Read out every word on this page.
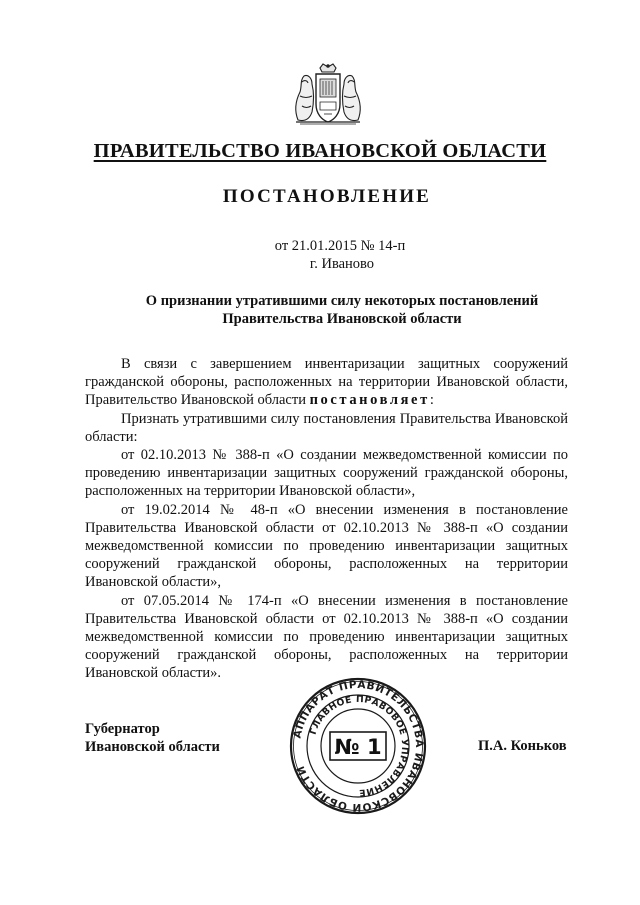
ПРАВИТЕЛЬСТВО ИВАНОВСКОЙ ОБЛАСТИ
ПОСТАНОВЛЕНИЕ
от 21.01.2015 № 14-п
г. Иваново
О признании утратившими силу некоторых постановлений
Правительства Ивановской области

В связи с завершением инвентаризации защитных сооружений гражданской обороны, расположенных на территории Ивановской области, Правительство Ивановской области постановляет:

Признать утратившими силу постановления Правительства Ивановской области:

от 02.10.2013 № 388-п «О создании межведомственной комиссии по проведению инвентаризации защитных сооружений гражданской обороны, расположенных на территории Ивановской области»,

от 19.02.2014 № 48-п «О внесении изменения в постановление Правительства Ивановской области от 02.10.2013 № 388-п «О создании межведомственной комиссии по проведению инвентаризации защитных сооружений гражданской обороны, расположенных на территории Ивановской области»,

от 07.05.2014 № 174-п «О внесении изменения в постановление Правительства Ивановской области от 02.10.2013 № 388-п «О создании межведомственной комиссии по проведению инвентаризации защитных сооружений гражданской обороны, расположенных на территории Ивановской области».

Губернатор
Ивановской области
АППАРАТ ПРАВИТЕЛЬСТВА ИВАНОВСКОЙ ОБЛАСТИ
ГЛАВНОЕ ПРАВОВОЕ УПРАВЛЕНИЕ
№ 1	П.А. Коньков
